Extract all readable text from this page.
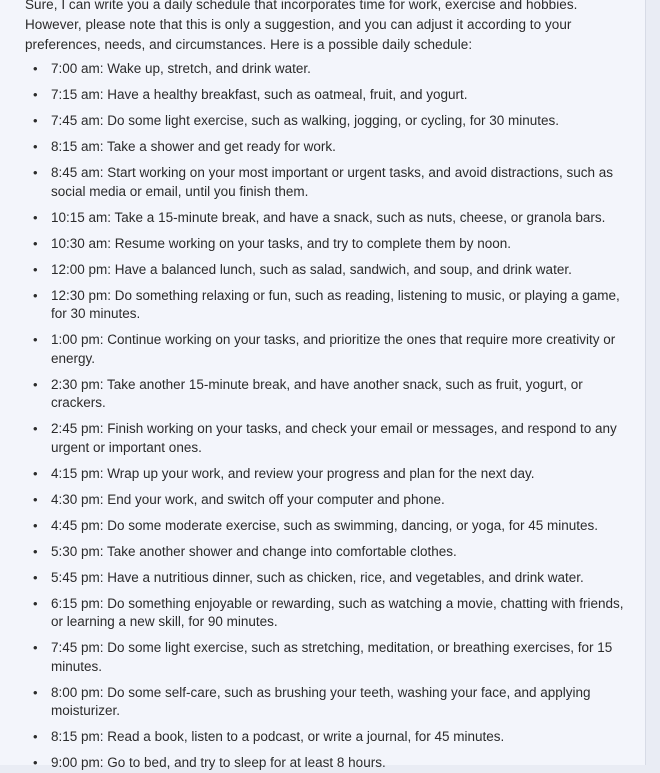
Sure, I can write you a daily schedule that incorporates time for work, exercise and hobbies. However, please note that this is only a suggestion, and you can adjust it according to your preferences, needs, and circumstances. Here is a possible daily schedule:

• 7:00 am: Wake up, stretch, and drink water.
• 7:15 am: Have a healthy breakfast, such as oatmeal, fruit, and yogurt.
• 7:45 am: Do some light exercise, such as walking, jogging, or cycling, for 30 minutes.
• 8:15 am: Take a shower and get ready for work.
• 8:45 am: Start working on your most important or urgent tasks, and avoid distractions, such as social media or email, until you finish them.
• 10:15 am: Take a 15-minute break, and have a snack, such as nuts, cheese, or granola bars.
• 10:30 am: Resume working on your tasks, and try to complete them by noon.
• 12:00 pm: Have a balanced lunch, such as salad, sandwich, and soup, and drink water.
• 12:30 pm: Do something relaxing or fun, such as reading, listening to music, or playing a game, for 30 minutes.
• 1:00 pm: Continue working on your tasks, and prioritize the ones that require more creativity or energy.
• 2:30 pm: Take another 15-minute break, and have another snack, such as fruit, yogurt, or crackers.
• 2:45 pm: Finish working on your tasks, and check your email or messages, and respond to any urgent or important ones.
• 4:15 pm: Wrap up your work, and review your progress and plan for the next day.
• 4:30 pm: End your work, and switch off your computer and phone.
• 4:45 pm: Do some moderate exercise, such as swimming, dancing, or yoga, for 45 minutes.
• 5:30 pm: Take another shower and change into comfortable clothes.
• 5:45 pm: Have a nutritious dinner, such as chicken, rice, and vegetables, and drink water.
• 6:15 pm: Do something enjoyable or rewarding, such as watching a movie, chatting with friends, or learning a new skill, for 90 minutes.
• 7:45 pm: Do some light exercise, such as stretching, meditation, or breathing exercises, for 15 minutes.
• 8:00 pm: Do some self-care, such as brushing your teeth, washing your face, and applying moisturizer.
• 8:15 pm: Read a book, listen to a podcast, or write a journal, for 45 minutes.
• 9:00 pm: Go to bed, and try to sleep for at least 8 hours.
